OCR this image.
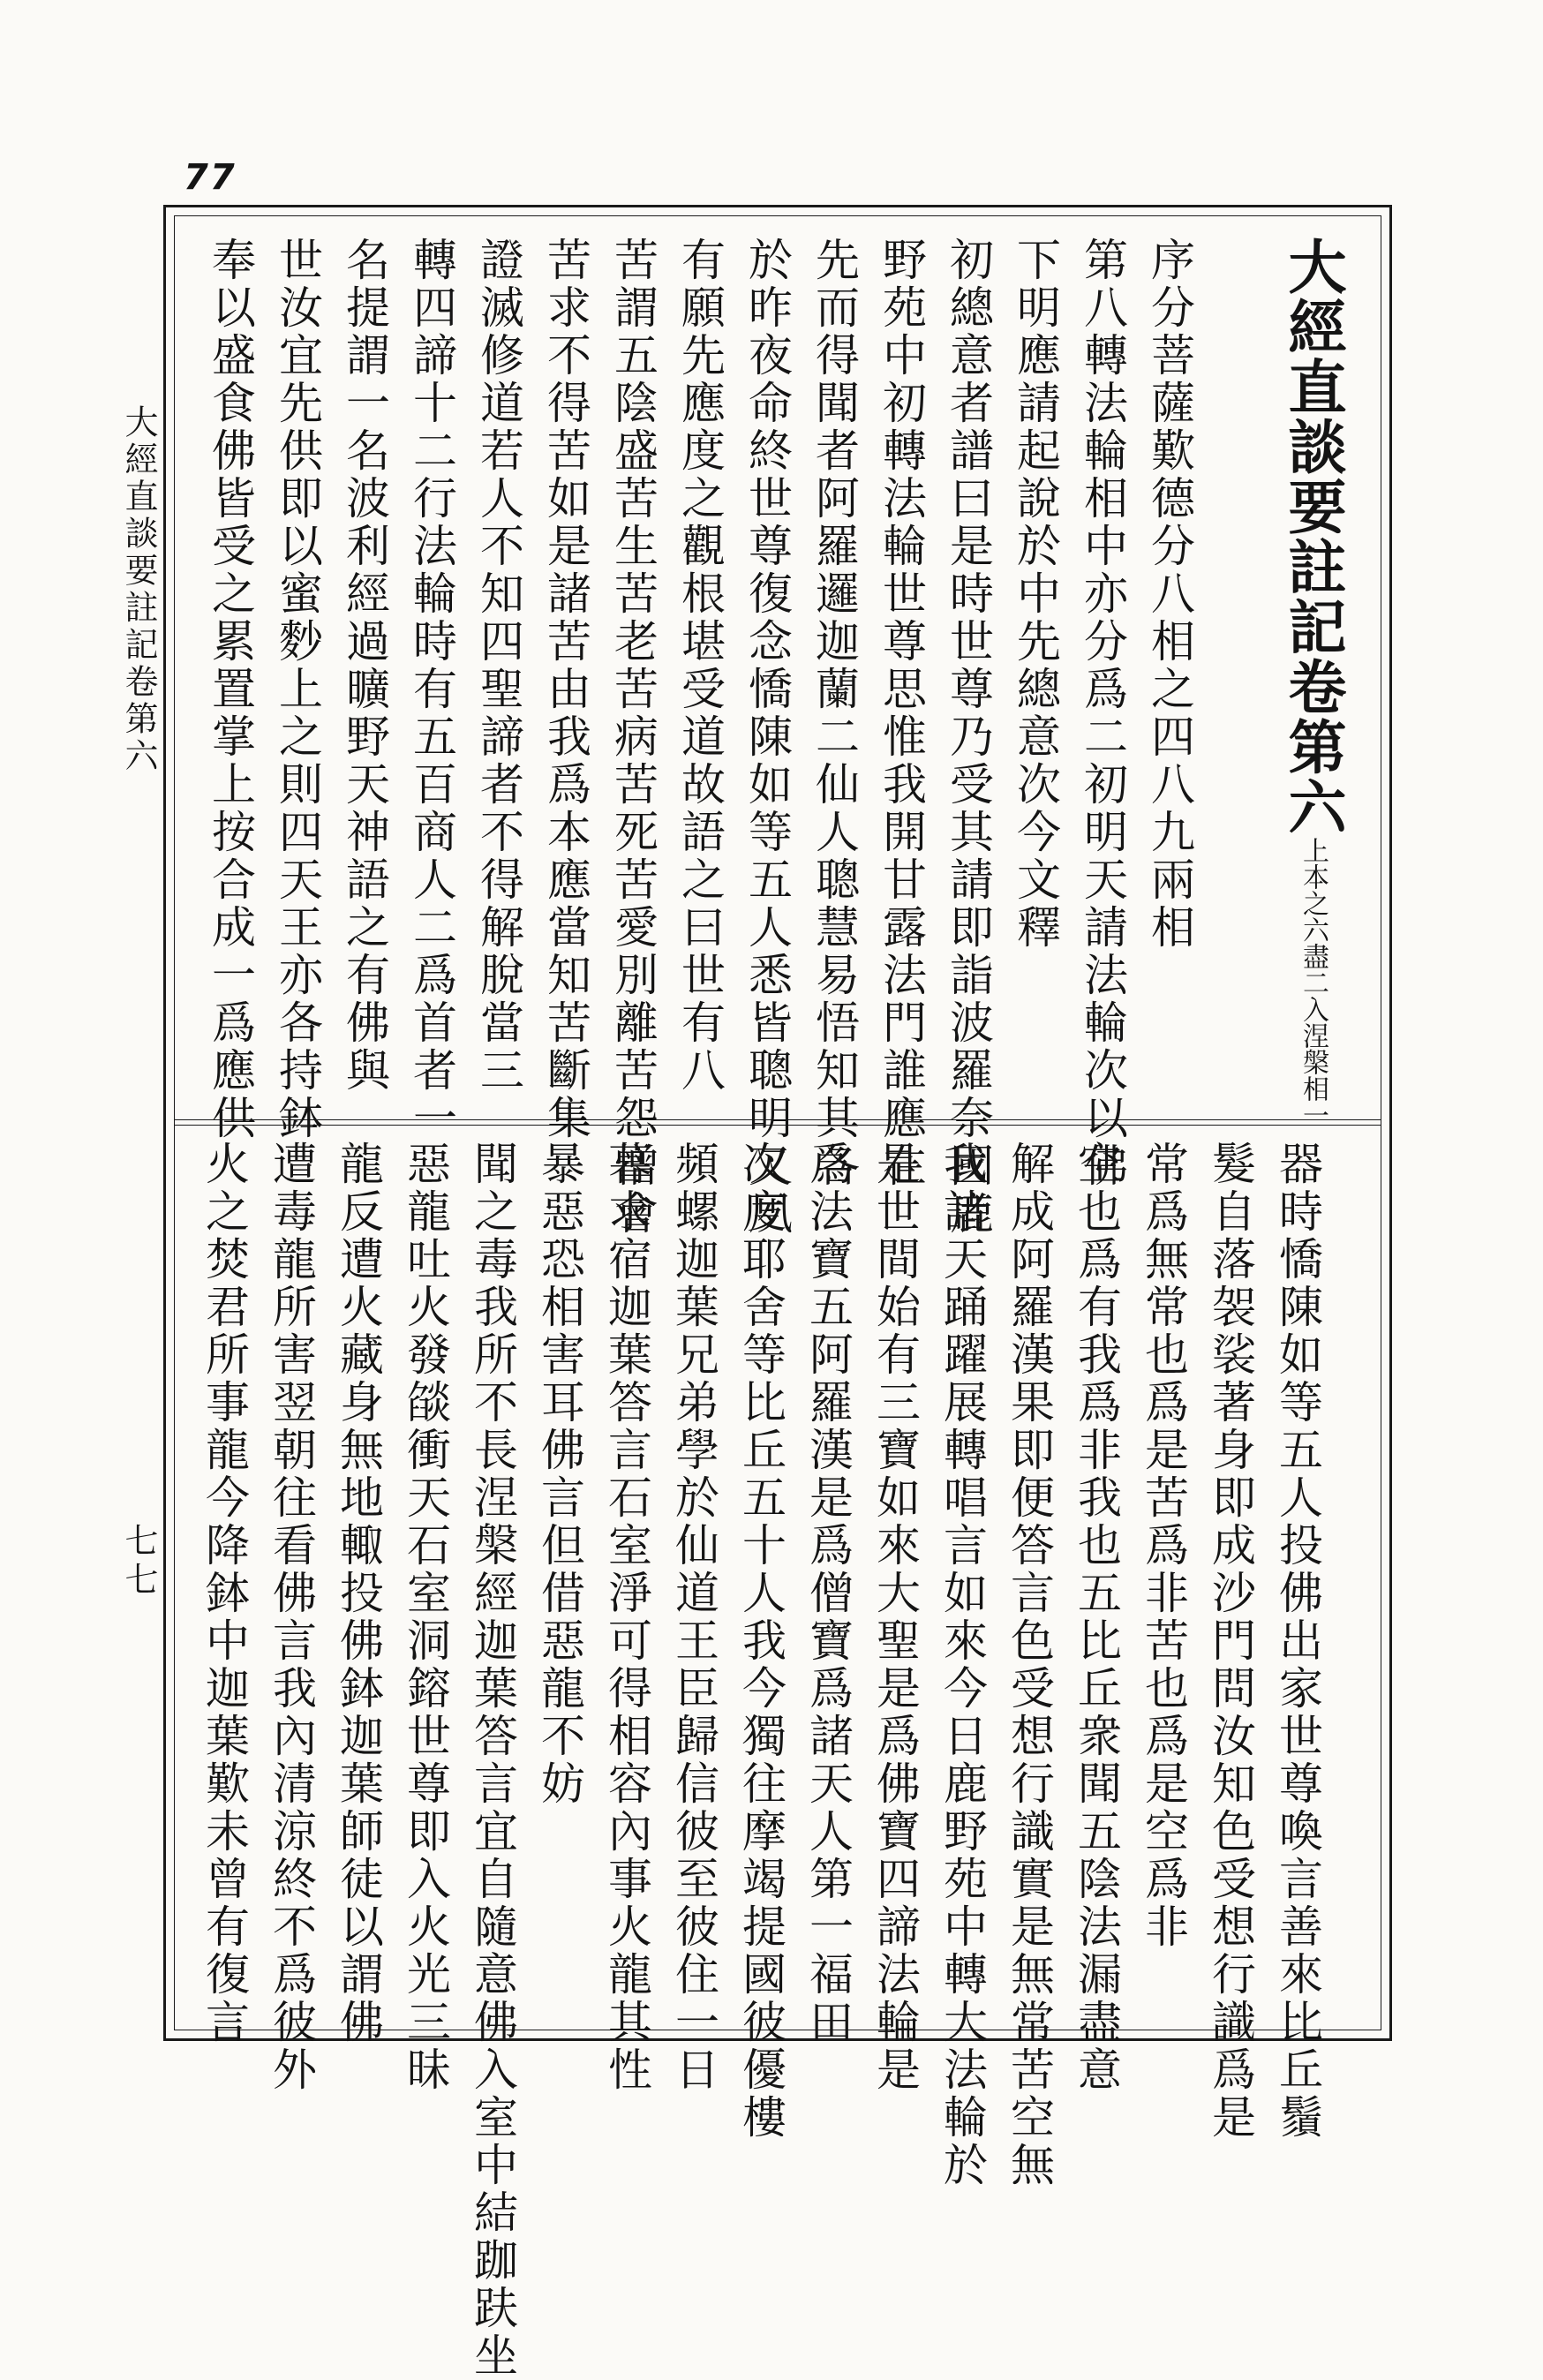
77
大經直談要註記卷第六
七七
大經直談要註記卷第六上本之六盡二入涅槃相一
序分菩薩歎德分八相之四八九兩相
第八轉法輪相中亦分爲二初明天請法輪次以佛
下明應請起說於中先總意次今文釋
初總意者譜曰是時世尊乃受其請即詣波羅奈國鹿
野苑中初轉法輪世尊思惟我開甘露法門誰應在
先而得聞者阿羅邏迦蘭二仙人聰慧易悟知其各
於昨夜命終世尊復念憍陳如等五人悉皆聰明叉夙
有願先應度之觀根堪受道故語之曰世有八
苦謂五陰盛苦生苦老苦病苦死苦愛別離苦怨憎會
苦求不得苦如是諸苦由我爲本應當知苦斷集
證滅修道若人不知四聖諦者不得解脫當三
轉四諦十二行法輪時有五百商人二爲首者一
名提謂一名波利經過曠野天神語之有佛與
世汝宜先供即以蜜麨上之則四天王亦各持鉢
奉以盛食佛皆受之累置掌上按合成一爲應供
器時憍陳如等五人投佛出家世尊喚言善來比丘鬚
髮自落袈裟著身即成沙門問汝知色受想行識爲是
常爲無常也爲是苦爲非苦也爲是空爲非
空也爲有我爲非我也五比丘衆聞五陰法漏盡意
解成阿羅漢果即便答言色受想行識實是無常苦空無
我諸天踊躍展轉唱言如來今日鹿野苑中轉大法輪於
是世間始有三寶如來大聖是爲佛寶四諦法輪是
爲法寶五阿羅漢是爲僧寶爲諸天人第一福田
次度耶舍等比丘五十人我今獨往摩竭提國彼優樓
頻螺迦葉兄弟學於仙道王臣歸信彼至彼住一日
暮求宿迦葉答言石室淨可得相容內事火龍其性
暴惡恐相害耳佛言但借惡龍不妨
聞之毒我所不長涅槃經迦葉答言宜自隨意佛入室中結跏趺坐
惡龍吐火發燄衝天石室洞鎔世尊即入火光三昧
龍反遭火藏身無地輙投佛鉢迦葉師徒以謂佛
遭毒龍所害翌朝往看佛言我內清涼終不爲彼外
火之焚君所事龍今降鉢中迦葉歎未曾有復言
